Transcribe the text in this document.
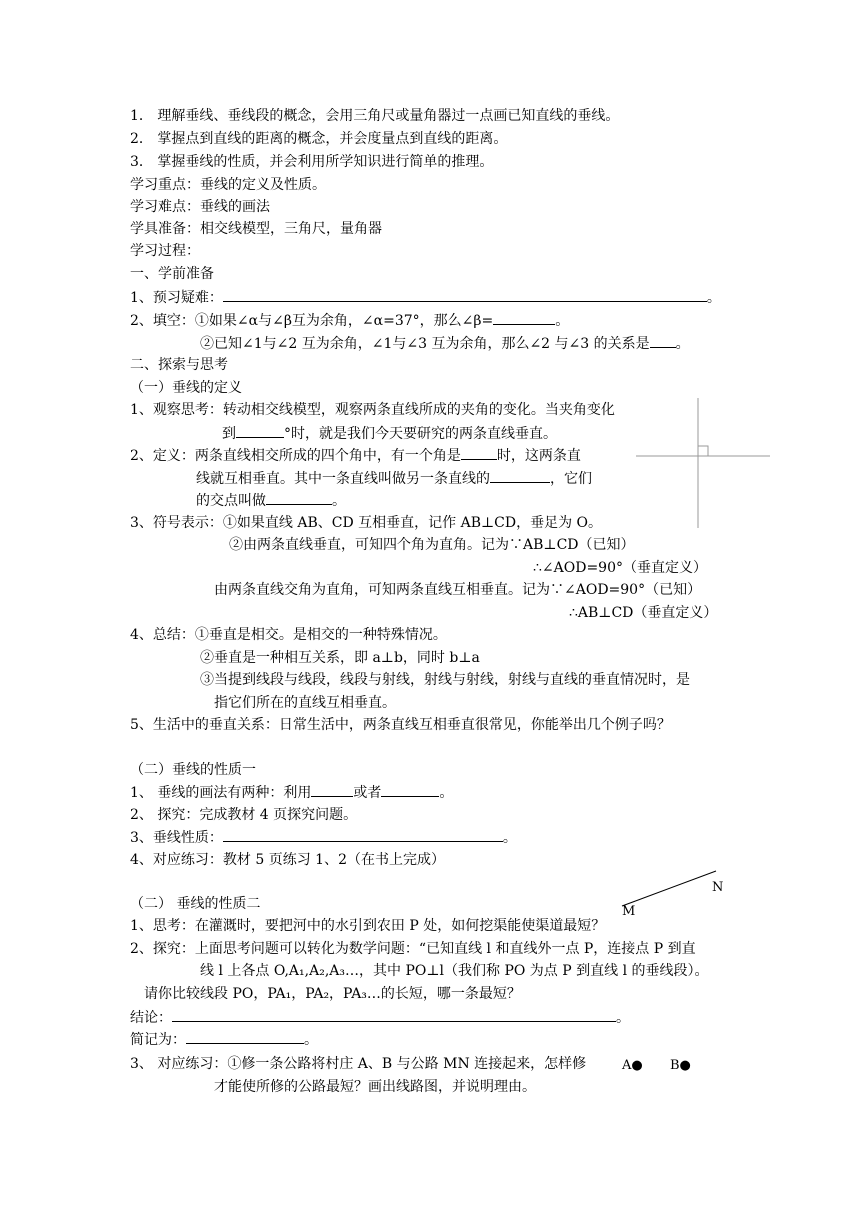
N
M
A● B●
1． 理解垂线、垂线段的概念，会用三角尺或量角器过一点画已知直线的垂线。
2． 掌握点到直线的距离的概念，并会度量点到直线的距离。
3． 掌握垂线的性质，并会利用所学知识进行简单的推理。
学习重点：垂线的定义及性质。
学习难点：垂线的画法
学具准备：相交线模型，三角尺，量角器
学习过程：
一、学前准备
1、预习疑难：	。
2、填空：①如果∠α与∠β互为余角，∠α=37°，那么∠β=	。
②已知∠1与∠2 互为余角，∠1与∠3 互为余角，那么∠2 与∠3 的关系是 。
二、探索与思考
（一）垂线的定义
1、观察思考：转动相交线模型，观察两条直线所成的夹角的变化。当夹角变化
到	°时，就是我们今天要研究的两条直线垂直。
2、定义：两条直线相交所成的四个角中，有一个角是	时，这两条直
线就互相垂直。其中一条直线叫做另一条直线的	，它们
的交点叫做	。
3、符号表示：①如果直线 AB、CD 互相垂直，记作 AB⊥CD，垂足为 O。
②由两条直线垂直，可知四个角为直角。记为∵AB⊥CD（已知）
∴∠AOD=90°（垂直定义）
由两条直线交角为直角，可知两条直线互相垂直。记为∵∠AOD=90°（已知）
∴AB⊥CD（垂直定义）
4、总结：①垂直是相交。是相交的一种特殊情况。
②垂直是一种相互关系，即 a⊥b，同时 b⊥a
③当提到线段与线段，线段与射线，射线与射线，射线与直线的垂直情况时，是
指它们所在的直线互相垂直。
5、生活中的垂直关系：日常生活中，两条直线互相垂直很常见，你能举出几个例子吗？
（二）垂线的性质一
1、 垂线的画法有两种：利用	或者	。
2、 探究：完成教材 4 页探究问题。
3、垂线性质：	。
4、对应练习：教材 5 页练习 1、2（在书上完成）
（二） 垂线的性质二
1、思考：在灌溉时，要把河中的水引到农田 P 处，如何挖渠能使渠道最短？
2、探究：上面思考问题可以转化为数学问题：“已知直线 l 和直线外一点 P，连接点 P 到直
线 l 上各点 O,A₁,A₂,A₃…，其中 PO⊥l（我们称 PO 为点 P 到直线 l 的垂线段）。
请你比较线段 PO，PA₁，PA₂，PA₃…的长短，哪一条最短？
结论：	。
简记为：	。
3、 对应练习：①修一条公路将村庄 A、B 与公路 MN 连接起来，怎样修
才能使所修的公路最短？画出线路图，并说明理由。
